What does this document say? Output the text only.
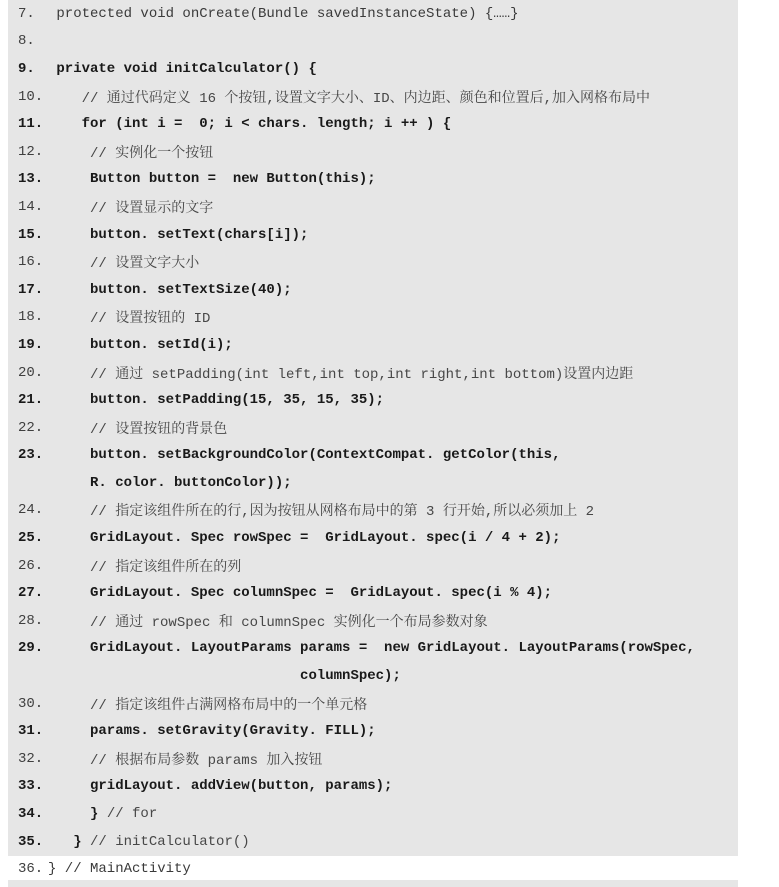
7. protected void onCreate(Bundle savedInstanceState) {……}
8.
9. private void initCalculator() {
10. // 通过代码定义 16 个按钮,设置文字大小、ID、内边距、颜色和位置后,加入网格布局中
11. for (int i =  0; i < chars. length; i ++ ) {
12. // 实例化一个按钮
13. Button button =  new Button(this);
14. // 设置显示的文字
15. button. setText(chars[i]);
16. // 设置文字大小
17. button. setTextSize(40);
18. // 设置按钮的 ID
19. button. setId(i);
20. // 通过 setPadding(int left,int top,int right,int bottom)设置内边距
21. button. setPadding(15, 35, 15, 35);
22. // 设置按钮的背景色
23. button. setBackgroundColor(ContextCompat. getColor(this,
R. color. buttonColor));
24. // 指定该组件所在的行,因为按钮从网格布局中的第 3 行开始,所以必须加上 2
25. GridLayout. Spec rowSpec =  GridLayout. spec(i / 4 + 2);
26. // 指定该组件所在的列
27. GridLayout. Spec columnSpec =  GridLayout. spec(i % 4);
28. // 通过 rowSpec 和 columnSpec 实例化一个布局参数对象
29. GridLayout. LayoutParams params =  new GridLayout. LayoutParams(rowSpec,
columnSpec);
30. // 指定该组件占满网格布局中的一个单元格
31. params. setGravity(Gravity. FILL);
32. // 根据布局参数 params 加入按钮
33. gridLayout. addView(button, params);
34. } // for
35. } // initCalculator()
36. } // MainActivity
